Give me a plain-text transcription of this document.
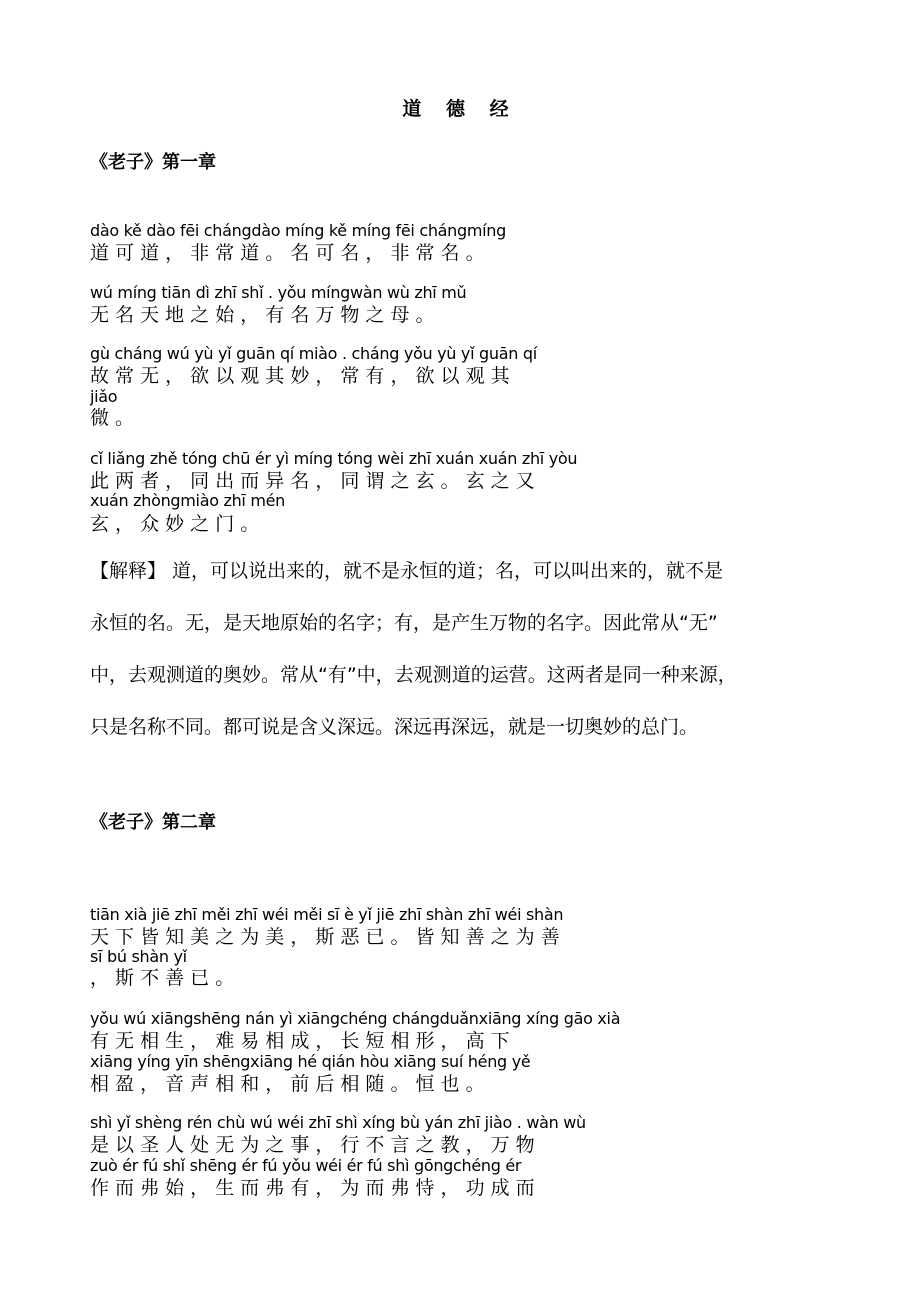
道 德 经
《老子》第一章
dào kě dào fēi chángdào míng kě míng fēi chángmíng
道 可 道 ， 非 常 道 。 名 可 名 ， 非 常 名 。
wú míng tiān dì zhī shǐ . yǒu míngwàn wù zhī mǔ
无 名 天 地 之 始 ， 有 名 万 物 之 母 。
gù cháng wú yù yǐ guān qí miào . cháng yǒu yù yǐ guān qí
故 常 无 ， 欲 以 观 其 妙 ， 常 有 ， 欲 以 观 其
jiǎo
微 。
cǐ liǎng zhě tóng chū ér yì míng tóng wèi zhī xuán xuán zhī yòu
此 两 者 ， 同 出 而 异 名 ， 同 谓 之 玄 。 玄 之 又
xuán zhòngmiào zhī mén
玄 ， 众 妙 之 门 。
【解释】 道，可以说出来的，就不是永恒的道；名，可以叫出来的，就不是
永恒的名。无，是天地原始的名字；有，是产生万物的名字。因此常从“无”
中，去观测道的奥妙。常从“有”中，去观测道的运营。这两者是同一种来源，
只是名称不同。都可说是含义深远。深远再深远，就是一切奥妙的总门。
《老子》第二章
tiān xià jiē zhī měi zhī wéi měi sī è yǐ jiē zhī shàn zhī wéi shàn
天 下 皆 知 美 之 为 美 ， 斯 恶 已 。 皆 知 善 之 为 善
sī bú shàn yǐ
， 斯 不 善 已 。
yǒu wú xiāngshēng nán yì xiāngchéng chángduǎnxiāng xíng gāo xià
有 无 相 生 ， 难 易 相 成 ， 长 短 相 形 ， 高 下
xiāng yíng yīn shēngxiāng hé qián hòu xiāng suí héng yě
相 盈 ， 音 声 相 和 ， 前 后 相 随 。 恒 也 。
shì yǐ shèng rén chù wú wéi zhī shì xíng bù yán zhī jiào . wàn wù
是 以 圣 人 处 无 为 之 事 ， 行 不 言 之 教 ， 万 物
zuò ér fú shǐ shēng ér fú yǒu wéi ér fú shì gōngchéng ér
作 而 弗 始 ， 生 而 弗 有 ， 为 而 弗 恃 ， 功 成 而
